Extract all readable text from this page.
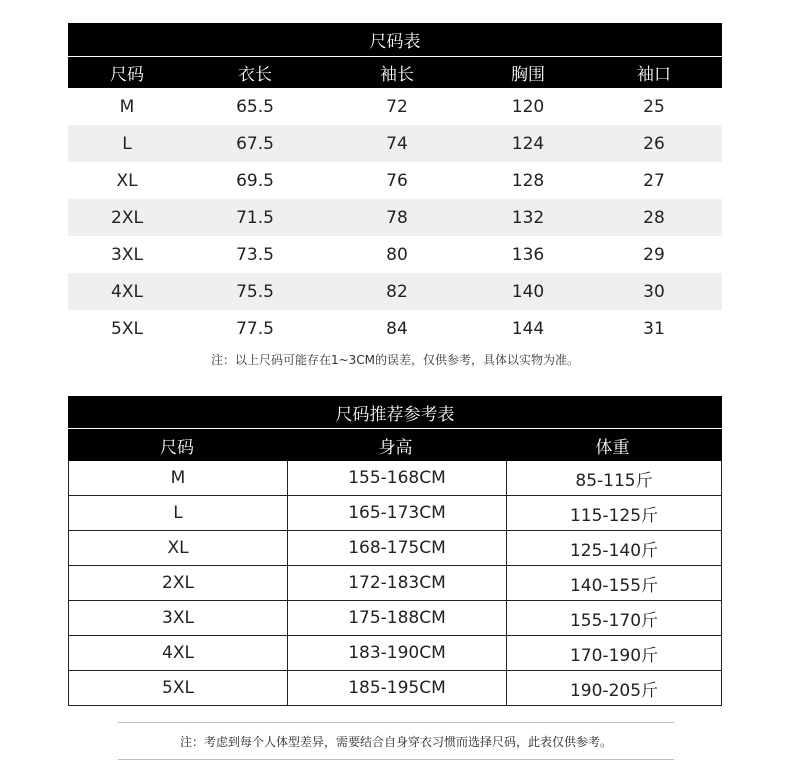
尺码表
尺码	衣长	袖长	胸围	袖口
M	65.5	72	120	25
L	67.5	74	124	26
XL	69.5	76	128	27
2XL	71.5	78	132	28
3XL	73.5	80	136	29
4XL	75.5	82	140	30
5XL	77.5	84	144	31
注：以上尺码可能存在1~3CM的误差，仅供参考，具体以实物为准。
尺码推荐参考表
尺码	身高	体重
M	155-168CM	85-115斤
L	165-173CM	115-125斤
XL	168-175CM	125-140斤
2XL	172-183CM	140-155斤
3XL	175-188CM	155-170斤
4XL	183-190CM	170-190斤
5XL	185-195CM	190-205斤
注：考虑到每个人体型差异，需要结合自身穿衣习惯而选择尺码，此表仅供参考。
